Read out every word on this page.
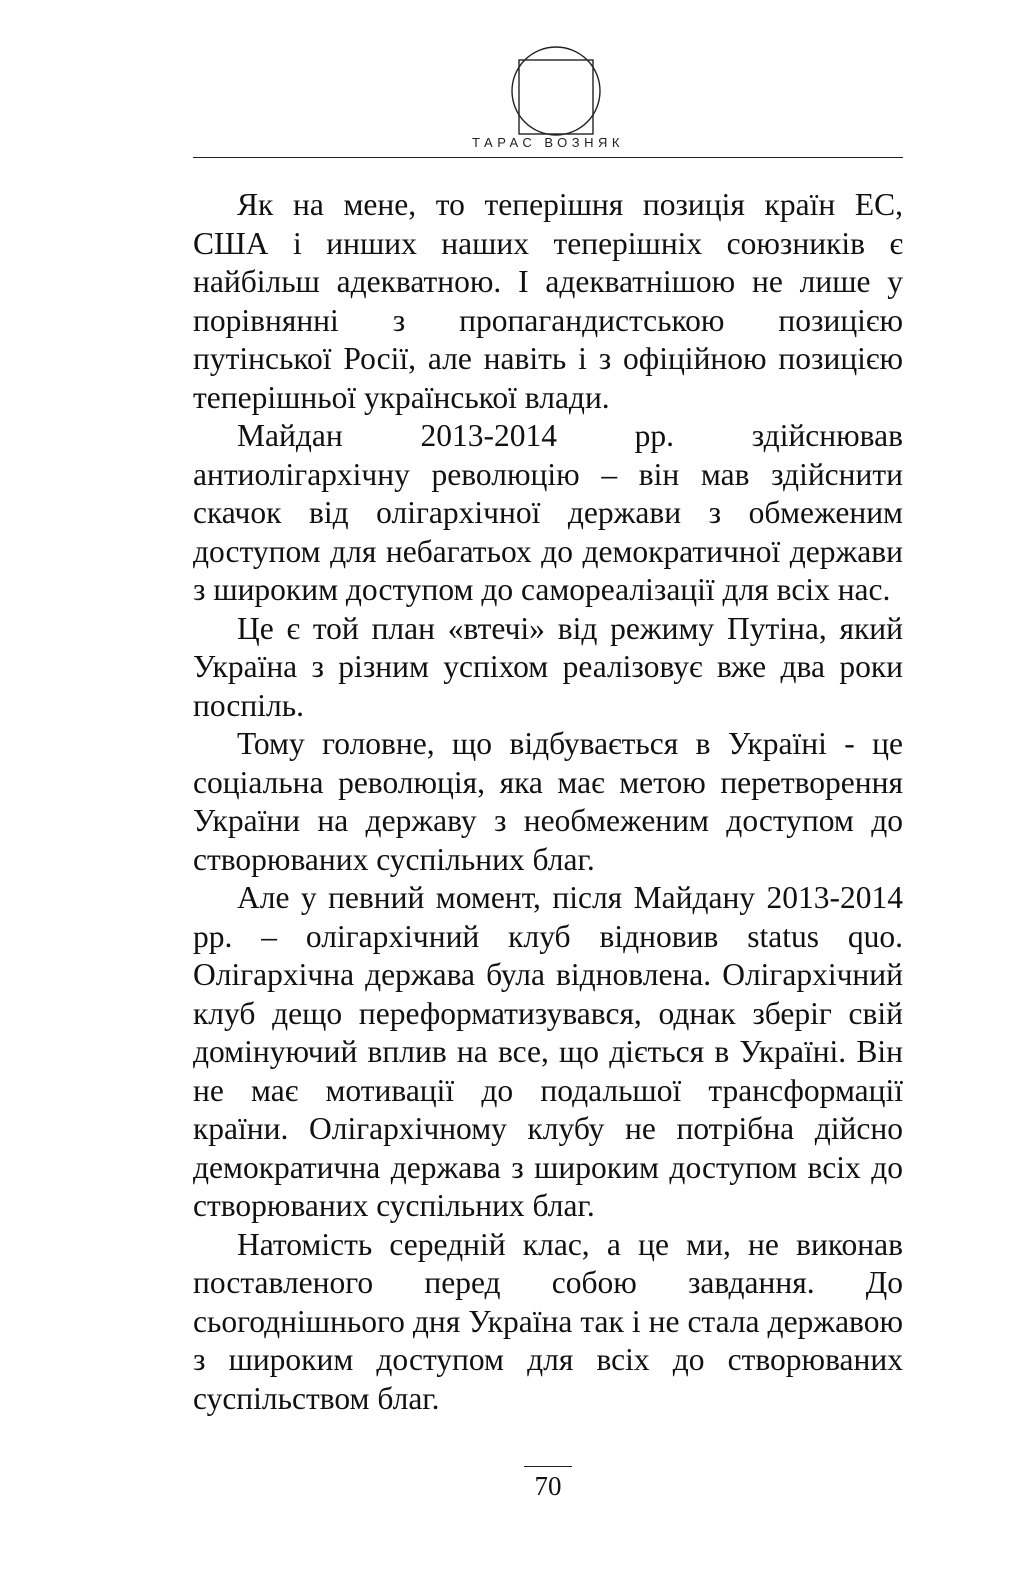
ТАРАС ВОЗНЯК

Як на мене, то теперішня позиція країн ЕС, США і инших наших теперішніх союзників є найбільш адекватною. І адекватнішою не лише у порівнянні з пропагандистською позицією путінської Росії, але навіть і з офіційною позицією теперішньої української влади.

Майдан 2013-2014 рр. здійснював антиолігархічну революцію – він мав здійснити скачок від олігархічної держави з обмеженим доступом для небагатьох до демократичної держави з широким доступом до самореалізації для всіх нас.

Це є той план «втечі» від режиму Путіна, який Україна з різним успіхом реалізовує вже два роки поспіль.

Тому головне, що відбувається в Україні - це соціальна революція, яка має метою перетворення України на державу з необмеженим доступом до створюваних суспільних благ.

Але у певний момент, після Майдану 2013-2014 рр. – олігархічний клуб відновив status quo. Олігархічна держава була відновлена. Олігархічний клуб дещо переформатизувався, однак зберіг свій домінуючий вплив на все, що діється в Україні. Він не має мотивації до подальшої трансформації країни. Олігархічному клубу не потрібна дійсно демократична держава з широким доступом всіх до створюваних суспільних благ.

Натомість середній клас, а це ми, не виконав поставленого перед собою завдання. До сьогоднішнього дня Україна так і не стала державою з широким доступом для всіх до створюваних суспільством благ.

70
